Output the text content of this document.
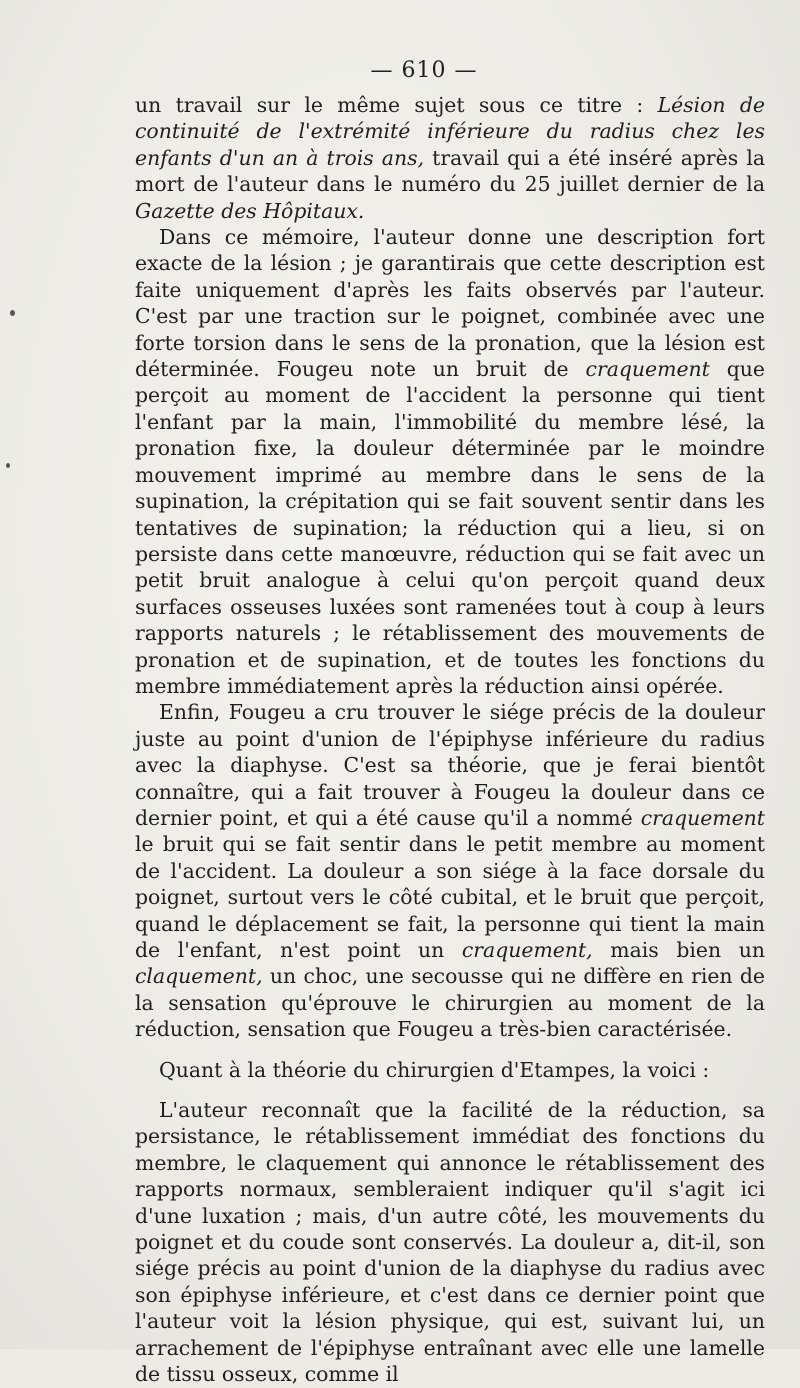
— 610 —

un travail sur le même sujet sous ce titre : Lésion de continuité de l'extrémité inférieure du radius chez les enfants d'un an à trois ans, travail qui a été inséré après la mort de l'auteur dans le numéro du 25 juillet dernier de la Gazette des Hôpitaux.

Dans ce mémoire, l'auteur donne une description fort exacte de la lésion ; je garantirais que cette description est faite uniquement d'après les faits observés par l'auteur. C'est par une traction sur le poignet, combinée avec une forte torsion dans le sens de la pronation, que la lésion est déterminée. Fougeu note un bruit de craquement que perçoit au moment de l'accident la personne qui tient l'enfant par la main, l'immobilité du membre lésé, la pronation fixe, la douleur déterminée par le moindre mouvement imprimé au membre dans le sens de la supination, la crépitation qui se fait souvent sentir dans les tentatives de supination; la réduction qui a lieu, si on persiste dans cette manœuvre, réduction qui se fait avec un petit bruit analogue à celui qu'on perçoit quand deux surfaces osseuses luxées sont ramenées tout à coup à leurs rapports naturels ; le rétablissement des mouvements de pronation et de supination, et de toutes les fonctions du membre immédiatement après la réduction ainsi opérée.

Enfin, Fougeu a cru trouver le siége précis de la douleur juste au point d'union de l'épiphyse inférieure du radius avec la diaphyse. C'est sa théorie, que je ferai bientôt connaître, qui a fait trouver à Fougeu la douleur dans ce dernier point, et qui a été cause qu'il a nommé craquement le bruit qui se fait sentir dans le petit membre au moment de l'accident. La douleur a son siége à la face dorsale du poignet, surtout vers le côté cubital, et le bruit que perçoit, quand le déplacement se fait, la personne qui tient la main de l'enfant, n'est point un craquement, mais bien un claquement, un choc, une secousse qui ne diffère en rien de la sensation qu'éprouve le chirurgien au moment de la réduction, sensation que Fougeu a très-bien caractérisée.

Quant à la théorie du chirurgien d'Etampes, la voici :

L'auteur reconnaît que la facilité de la réduction, sa persistance, le rétablissement immédiat des fonctions du membre, le claquement qui annonce le rétablissement des rapports normaux, sembleraient indiquer qu'il s'agit ici d'une luxation ; mais, d'un autre côté, les mouvements du poignet et du coude sont conservés. La douleur a, dit-il, son siége précis au point d'union de la diaphyse du radius avec son épiphyse inférieure, et c'est dans ce dernier point que l'auteur voit la lésion physique, qui est, suivant lui, un arrachement de l'épiphyse entraînant avec elle une lamelle de tissu osseux, comme il
